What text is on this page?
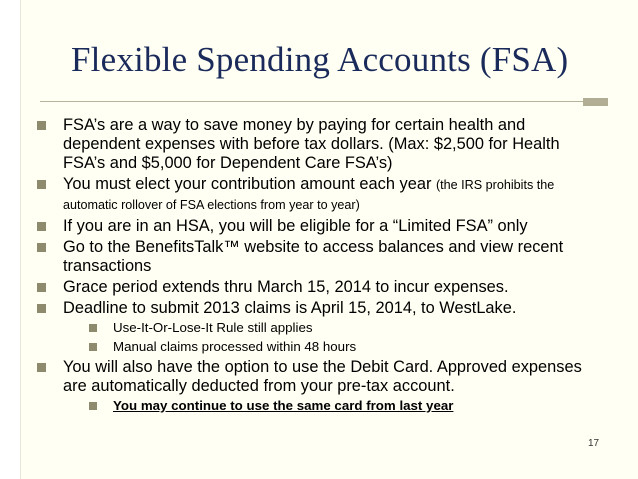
Flexible Spending Accounts (FSA)
FSA’s are a way to save money by paying for certain health and dependent expenses with before tax dollars. (Max: $2,500 for Health FSA’s and $5,000 for Dependent Care FSA’s)
You must elect your contribution amount each year (the IRS prohibits the automatic rollover of FSA elections from year to year)
If you are in an HSA, you will be eligible for a “Limited FSA” only
Go to the BenefitsTalk™ website to access balances and view recent transactions
Grace period extends thru March 15, 2014 to incur expenses.
Deadline to submit 2013 claims is April 15, 2014, to WestLake.
Use-It-Or-Lose-It Rule still applies
Manual claims processed within 48 hours
You will also have the option to use the Debit Card. Approved expenses are automatically deducted from your pre-tax account.
You may continue to use the same card from last year
17
